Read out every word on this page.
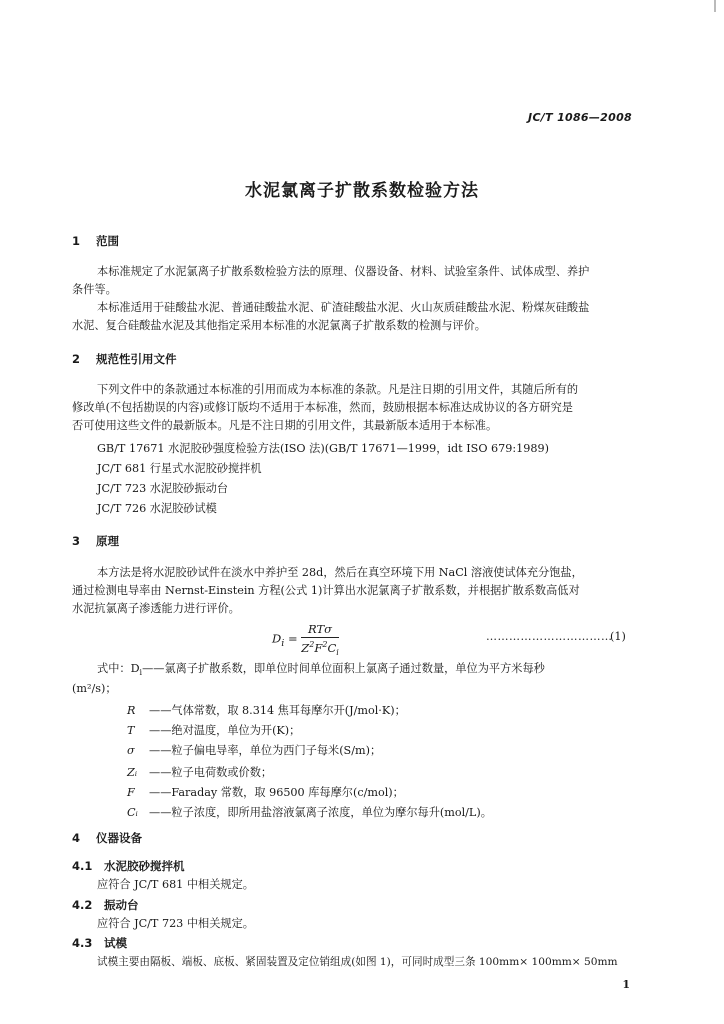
JC/T 1086—2008
水泥氯离子扩散系数检验方法
1 范围
本标准规定了水泥氯离子扩散系数检验方法的原理、仪器设备、材料、试验室条件、试体成型、养护
条件等。
本标准适用于硅酸盐水泥、普通硅酸盐水泥、矿渣硅酸盐水泥、火山灰质硅酸盐水泥、粉煤灰硅酸盐
水泥、复合硅酸盐水泥及其他指定采用本标准的水泥氯离子扩散系数的检测与评价。
2 规范性引用文件
下列文件中的条款通过本标准的引用而成为本标准的条款。凡是注日期的引用文件，其随后所有的
修改单(不包括勘误的内容)或修订版均不适用于本标准，然而，鼓励根据本标准达成协议的各方研究是
否可使用这些文件的最新版本。凡是不注日期的引用文件，其最新版本适用于本标准。
GB/T 17671 水泥胶砂强度检验方法(ISO 法)(GB/T 17671—1999，idt ISO 679:1989)
JC/T 681 行星式水泥胶砂搅拌机
JC/T 723 水泥胶砂振动台
JC/T 726 水泥胶砂试模
3 原理
本方法是将水泥胶砂试件在淡水中养护至 28d，然后在真空环境下用 NaCl 溶液使试体充分饱盐，
通过检测电导率由 Nernst-Einstein 方程(公式 1)计算出水泥氯离子扩散系数，并根据扩散系数高低对
水泥抗氯离子渗透能力进行评价。
$D_i = \frac{\text{RTσ}}{Z^2F^2C_i}$	……………………………
(1)
式中：$D_i——$氯离子扩散系数，即单位时间单位面积上氯离子通过数量，单位为平方米每秒
(m²/s)；
R ——气体常数，取 8.314 焦耳每摩尔开(J/mol·K)；
T ——绝对温度，单位为开(K)；
σ ——粒子偏电导率，单位为西门子每米(S/m)；
Zᵢ ——粒子电荷数或价数；
F ——Faraday 常数，取 96500 库每摩尔(c/mol)；
Cᵢ ——粒子浓度，即所用盐溶液氯离子浓度，单位为摩尔每升(mol/L)。
4 仪器设备
4.1 水泥胶砂搅拌机
应符合 JC/T 681 中相关规定。
4.2 振动台
应符合 JC/T 723 中相关规定。
4.3 试模
试模主要由隔板、端板、底板、紧固装置及定位销组成(如图 1)，可同时成型三条 100mm× 100mm× 50mm
1
